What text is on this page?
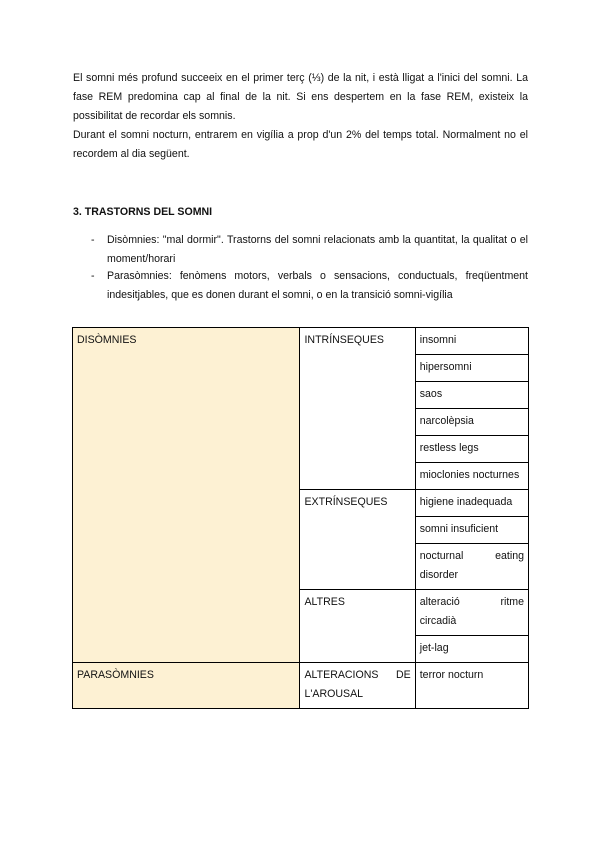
El somni més profund succeeix en el primer terç (⅓) de la nit, i està lligat a l'inici del somni. La fase REM predomina cap al final de la nit. Si ens despertem en la fase REM, existeix la possibilitat de recordar els somnis.
Durant el somni nocturn, entrarem en vigília a prop d'un 2% del temps total. Normalment no el recordem al dia següent.
3. TRASTORNS DEL SOMNI
- Disòmnies: "mal dormir". Trastorns del somni relacionats amb la quantitat, la qualitat o el moment/horari
- Parasòmnies: fenòmens motors, verbals o sensacions, conductuals, freqüentment indesitjables, que es donen durant el somni, o en la transició somni-vigília
DISÒMNIES	INTRÍNSEQUES	insomni
		hipersomni
		saos
		narcolèpsia
		restless legs
		mioclonies nocturnes
	EXTRÍNSEQUES	higiene inadequada
		somni insuficient
		nocturnal eating disorder
	ALTRES	alteració ritme circadià
		jet-lag
PARASÒMNIES	ALTERACIONS DE L'AROUSAL	terror nocturn
